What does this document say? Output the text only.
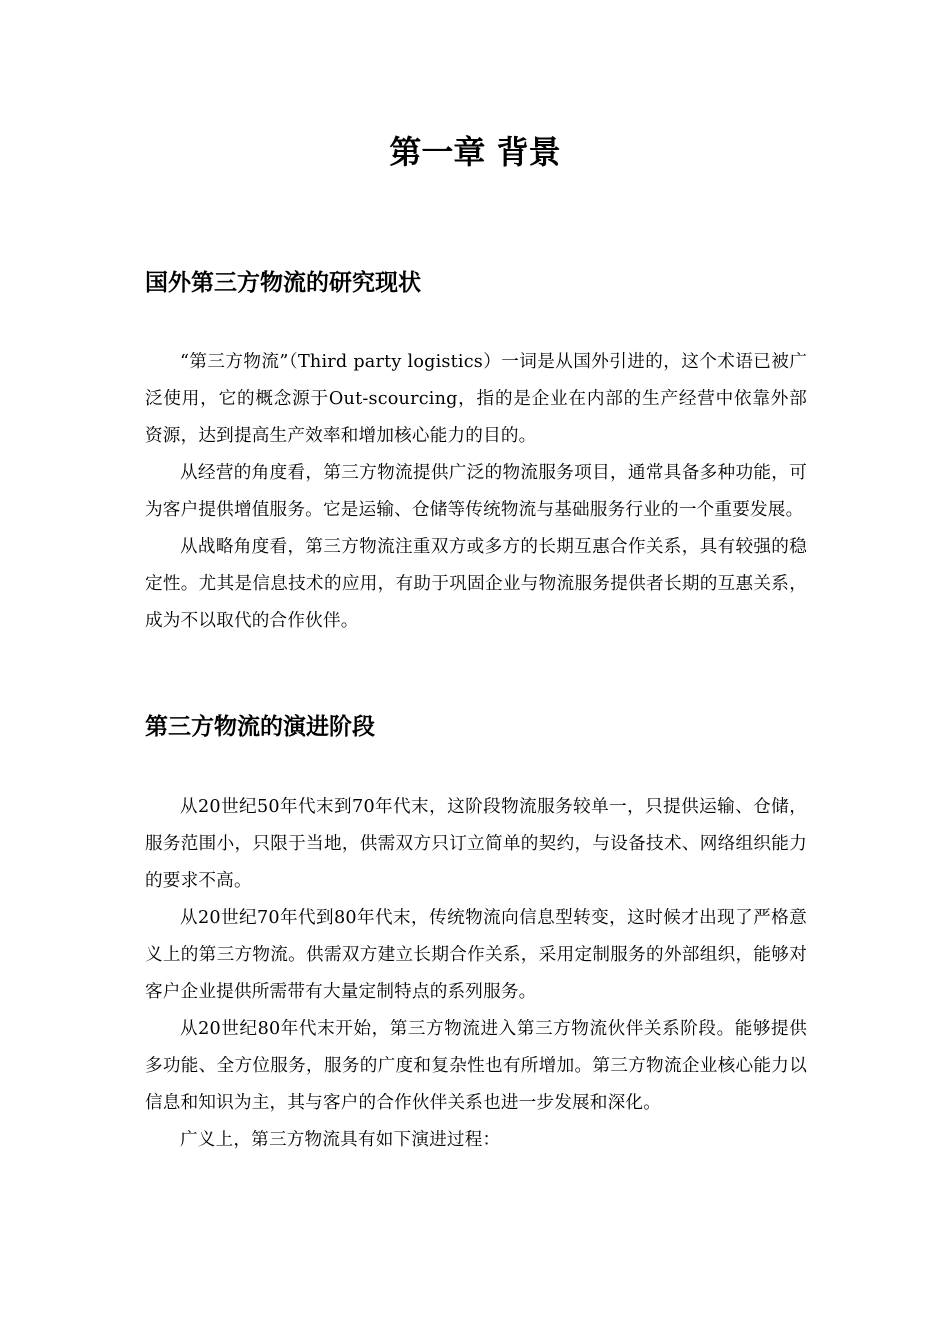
第一章 背景
国外第三方物流的研究现状

“第三方物流”（Third party logistics）一词是从国外引进的，这个术语已被广泛使用，它的概念源于Out-scourcing，指的是企业在内部的生产经营中依靠外部资源，达到提高生产效率和增加核心能力的目的。

从经营的角度看，第三方物流提供广泛的物流服务项目，通常具备多种功能，可为客户提供增值服务。它是运输、仓储等传统物流与基础服务行业的一个重要发展。

从战略角度看，第三方物流注重双方或多方的长期互惠合作关系，具有较强的稳定性。尤其是信息技术的应用，有助于巩固企业与物流服务提供者长期的互惠关系，成为不以取代的合作伙伴。

第三方物流的演进阶段

从20世纪50年代末到70年代末，这阶段物流服务较单一，只提供运输、仓储，服务范围小，只限于当地，供需双方只订立简单的契约，与设备技术、网络组织能力的要求不高。

从20世纪70年代到80年代末，传统物流向信息型转变，这时候才出现了严格意义上的第三方物流。供需双方建立长期合作关系，采用定制服务的外部组织，能够对客户企业提供所需带有大量定制特点的系列服务。

从20世纪80年代末开始，第三方物流进入第三方物流伙伴关系阶段。能够提供多功能、全方位服务，服务的广度和复杂性也有所增加。第三方物流企业核心能力以信息和知识为主，其与客户的合作伙伴关系也进一步发展和深化。

广义上，第三方物流具有如下演进过程：
